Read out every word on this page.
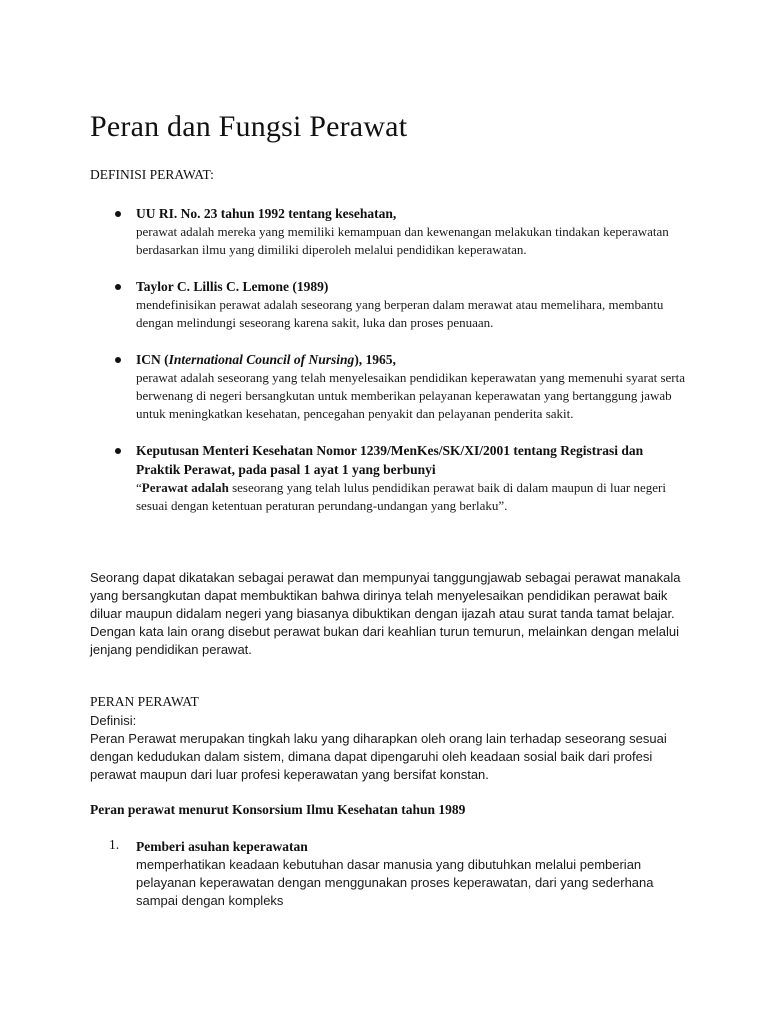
Peran dan Fungsi Perawat

DEFINISI PERAWAT:

UU RI. No. 23 tahun 1992 tentang kesehatan,
perawat adalah mereka yang memiliki kemampuan dan kewenangan melakukan tindakan keperawatan berdasarkan ilmu yang dimiliki diperoleh melalui pendidikan keperawatan.
Taylor C. Lillis C. Lemone (1989)
mendefinisikan perawat adalah seseorang yang berperan dalam merawat atau memelihara, membantu dengan melindungi seseorang karena sakit, luka dan proses penuaan.
ICN (International Council of Nursing), 1965,
perawat adalah seseorang yang telah menyelesaikan pendidikan keperawatan yang memenuhi syarat serta berwenang di negeri bersangkutan untuk memberikan pelayanan keperawatan yang bertanggung jawab untuk meningkatkan kesehatan, pencegahan penyakit dan pelayanan penderita sakit.
Keputusan Menteri Kesehatan Nomor 1239/MenKes/SK/XI/2001 tentang Registrasi dan Praktik Perawat, pada pasal 1 ayat 1 yang berbunyi
“Perawat adalah seseorang yang telah lulus pendidikan perawat baik di dalam maupun di luar negeri sesuai dengan ketentuan peraturan perundang-undangan yang berlaku”.
Seorang dapat dikatakan sebagai perawat dan mempunyai tanggungjawab sebagai perawat manakala yang bersangkutan dapat membuktikan bahwa dirinya telah menyelesaikan pendidikan perawat baik diluar maupun didalam negeri yang biasanya dibuktikan dengan ijazah atau surat tanda tamat belajar.
Dengan kata lain orang disebut perawat bukan dari keahlian turun temurun, melainkan dengan melalui jenjang pendidikan perawat.

PERAN PERAWAT

Definisi:
Peran Perawat merupakan tingkah laku yang diharapkan oleh orang lain terhadap seseorang sesuai dengan kedudukan dalam sistem, dimana dapat dipengaruhi oleh keadaan sosial baik dari profesi perawat maupun dari luar profesi keperawatan yang bersifat konstan.

Peran perawat menurut Konsorsium Ilmu Kesehatan tahun 1989

1. Pemberi asuhan keperawatan
memperhatikan keadaan kebutuhan dasar manusia yang dibutuhkan melalui pemberian pelayanan keperawatan dengan menggunakan proses keperawatan, dari yang sederhana sampai dengan kompleks
